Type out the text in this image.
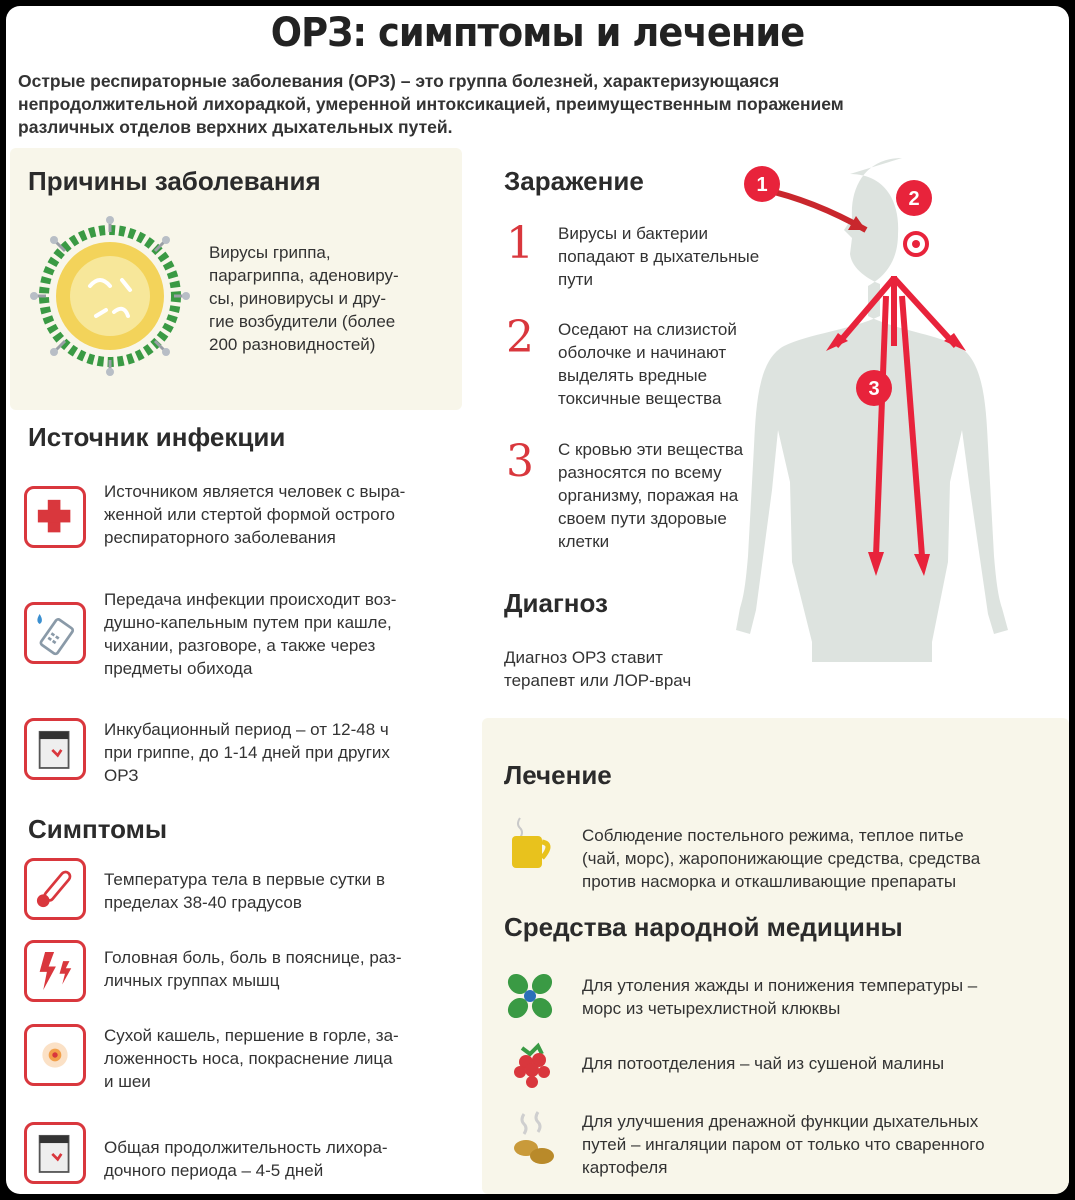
ОРЗ: симптомы и лечение
Острые респираторные заболевания (ОРЗ) – это группа болезней, характеризующаяся
непродолжительной лихорадкой, умеренной интоксикацией, преимущественным поражением
различных отделов верхних дыхательных путей.
Причины заболевания
Вирусы гриппа,
парагриппа, аденовиру-
сы, риновирусы и дру-
гие возбудители (более
200 разновидностей)
Источник инфекции
Источником является человек с выра-
женной или стертой формой острого
респираторного заболевания
Передача инфекции происходит воз-
душно-капельным путем при кашле,
чихании, разговоре, а также через
предметы обихода
Инкубационный период – от 12-48 ч
при гриппе, до 1-14 дней при других
ОРЗ
Симптомы
Температура тела в первые сутки в
пределах 38-40 градусов
Головная боль, боль в пояснице, раз-
личных группах мышц
Сухой кашель, першение в горле, за-
ложенность носа, покраснение лица
и шеи
Общая продолжительность лихора-
дочного периода – 4-5 дней
1
2
3
Заражение
1 Вирусы и бактерии
попадают в дыхательные
пути
2 Оседают на слизистой
оболочке и начинают
выделять вредные
токсичные вещества
3 С кровью эти вещества
разносятся по всему
организму, поражая на
своем пути здоровые
клетки
Диагноз
Диагноз ОРЗ ставит
терапевт или ЛОР-врач
Лечение
Соблюдение постельного режима, теплое питье
(чай, морс), жаропонижающие средства, средства
против насморка и откашливающие препараты
Средства народной медицины
Для утоления жажды и понижения температуры –
морс из четырехлистной клюквы
Для потоотделения – чай из сушеной малины
Для улучшения дренажной функции дыхательных
путей – ингаляции паром от только что сваренного
картофеля
